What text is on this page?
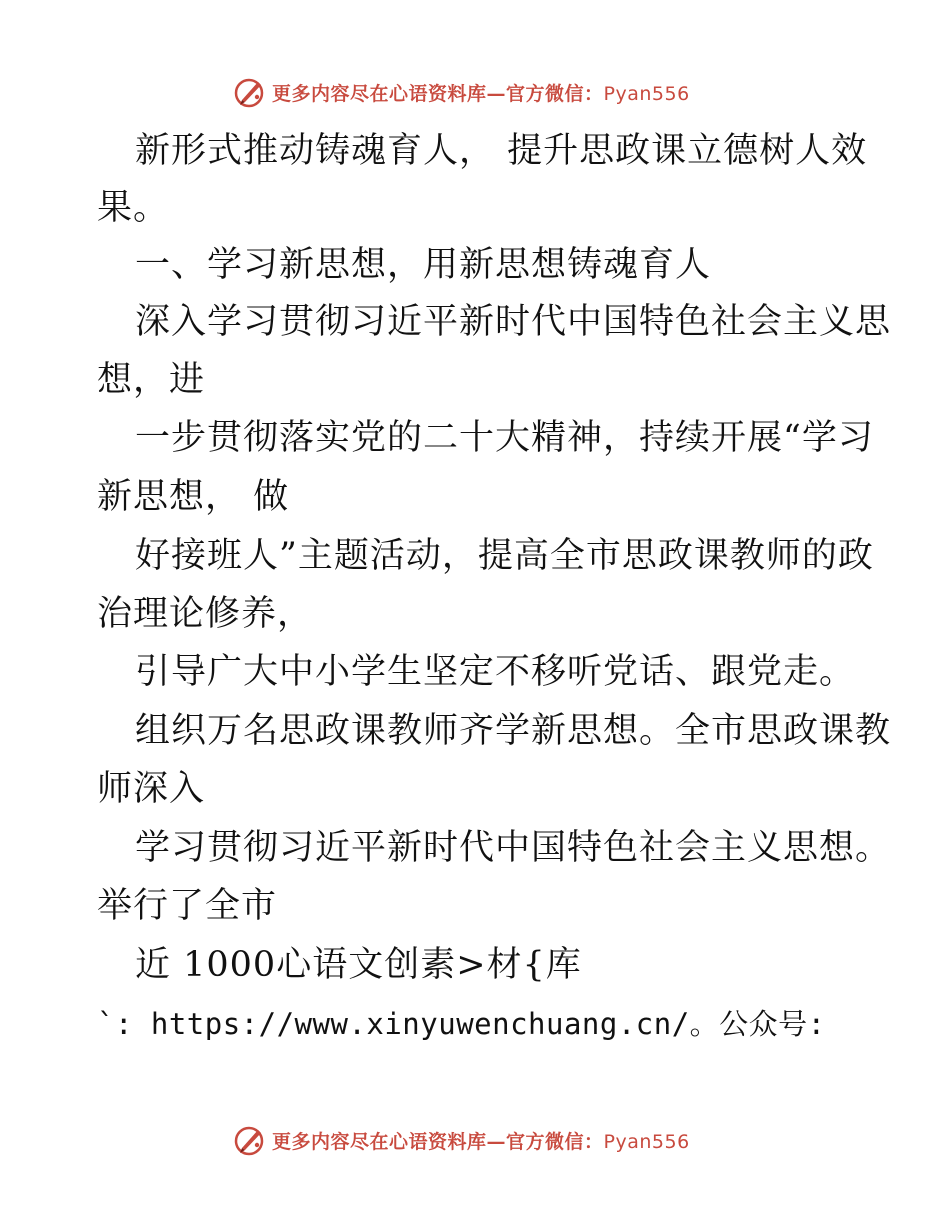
更多内容尽在心语资料库—官方微信：Pyan556
新形式推动铸魂育人， 提升思政课立德树人效
果。
一、学习新思想，用新思想铸魂育人
深入学习贯彻习近平新时代中国特色社会主义思
想，进
一步贯彻落实党的二十大精神，持续开展“学习
新思想， 做
好接班人”主题活动，提高全市思政课教师的政
治理论修养，
引导广大中小学生坚定不移听党话、跟党走。
组织万名思政课教师齐学新思想。全市思政课教
师深入
学习贯彻习近平新时代中国特色社会主义思想。
举行了全市
近 1000心语文创素>材{库
`: https://www.xinyuwenchuang.cn/。公众号:
更多内容尽在心语资料库—官方微信：Pyan556
